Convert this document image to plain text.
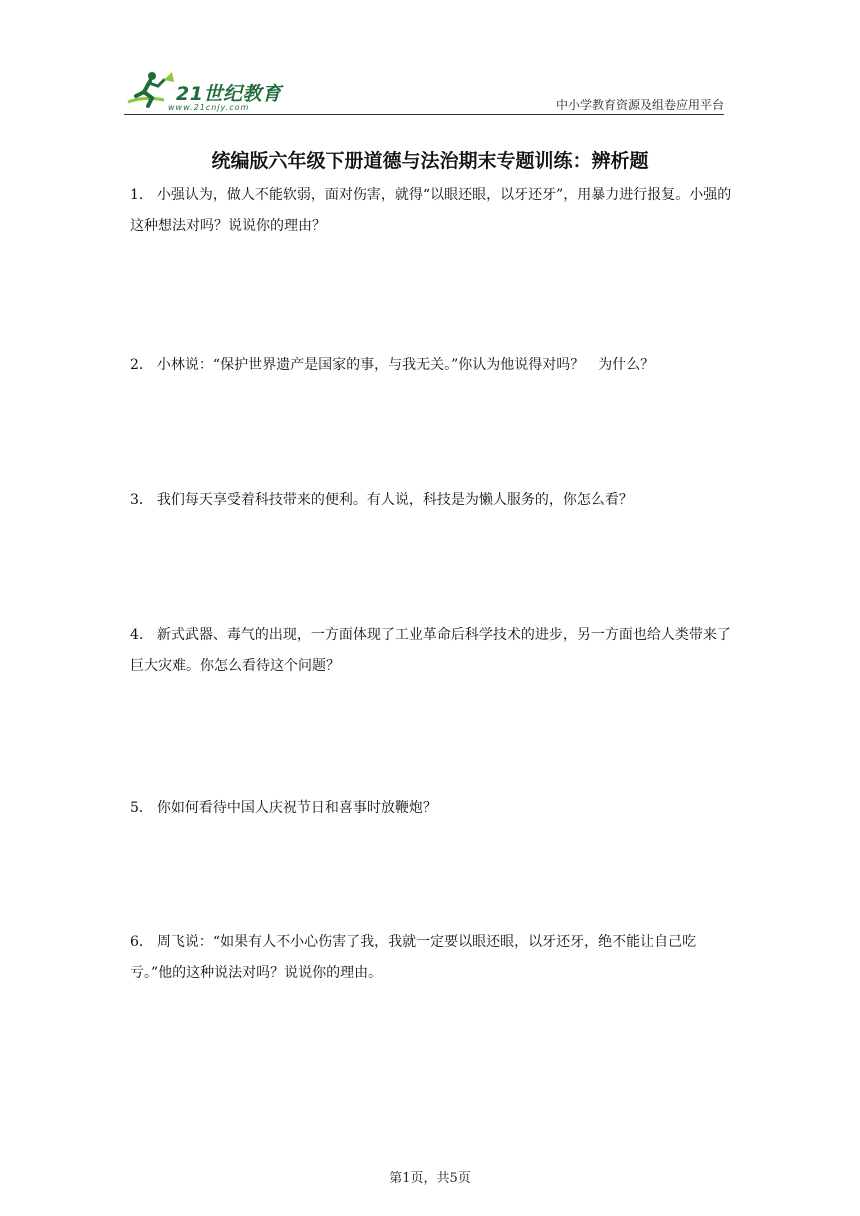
21世纪教育
www.21cnjy.com	中小学教育资源及组卷应用平台
统编版六年级下册道德与法治期末专题训练：辨析题
1． 小强认为，做人不能软弱，面对伤害，就得“以眼还眼，以牙还牙”，用暴力进行报复。小强的这种想法对吗？说说你的理由？
2． 小林说：“保护世界遗产是国家的事，与我无关。”你认为他说得对吗？　为什么？
3． 我们每天享受着科技带来的便利。有人说，科技是为懒人服务的，你怎么看？
4． 新式武器、毒气的出现，一方面体现了工业革命后科学技术的进步，另一方面也给人类带来了巨大灾难。你怎么看待这个问题？
5． 你如何看待中国人庆祝节日和喜事时放鞭炮？
6． 周飞说：“如果有人不小心伤害了我，我就一定要以眼还眼，以牙还牙，绝不能让自己吃亏。”他的这种说法对吗？说说你的理由。
第1页，共5页
